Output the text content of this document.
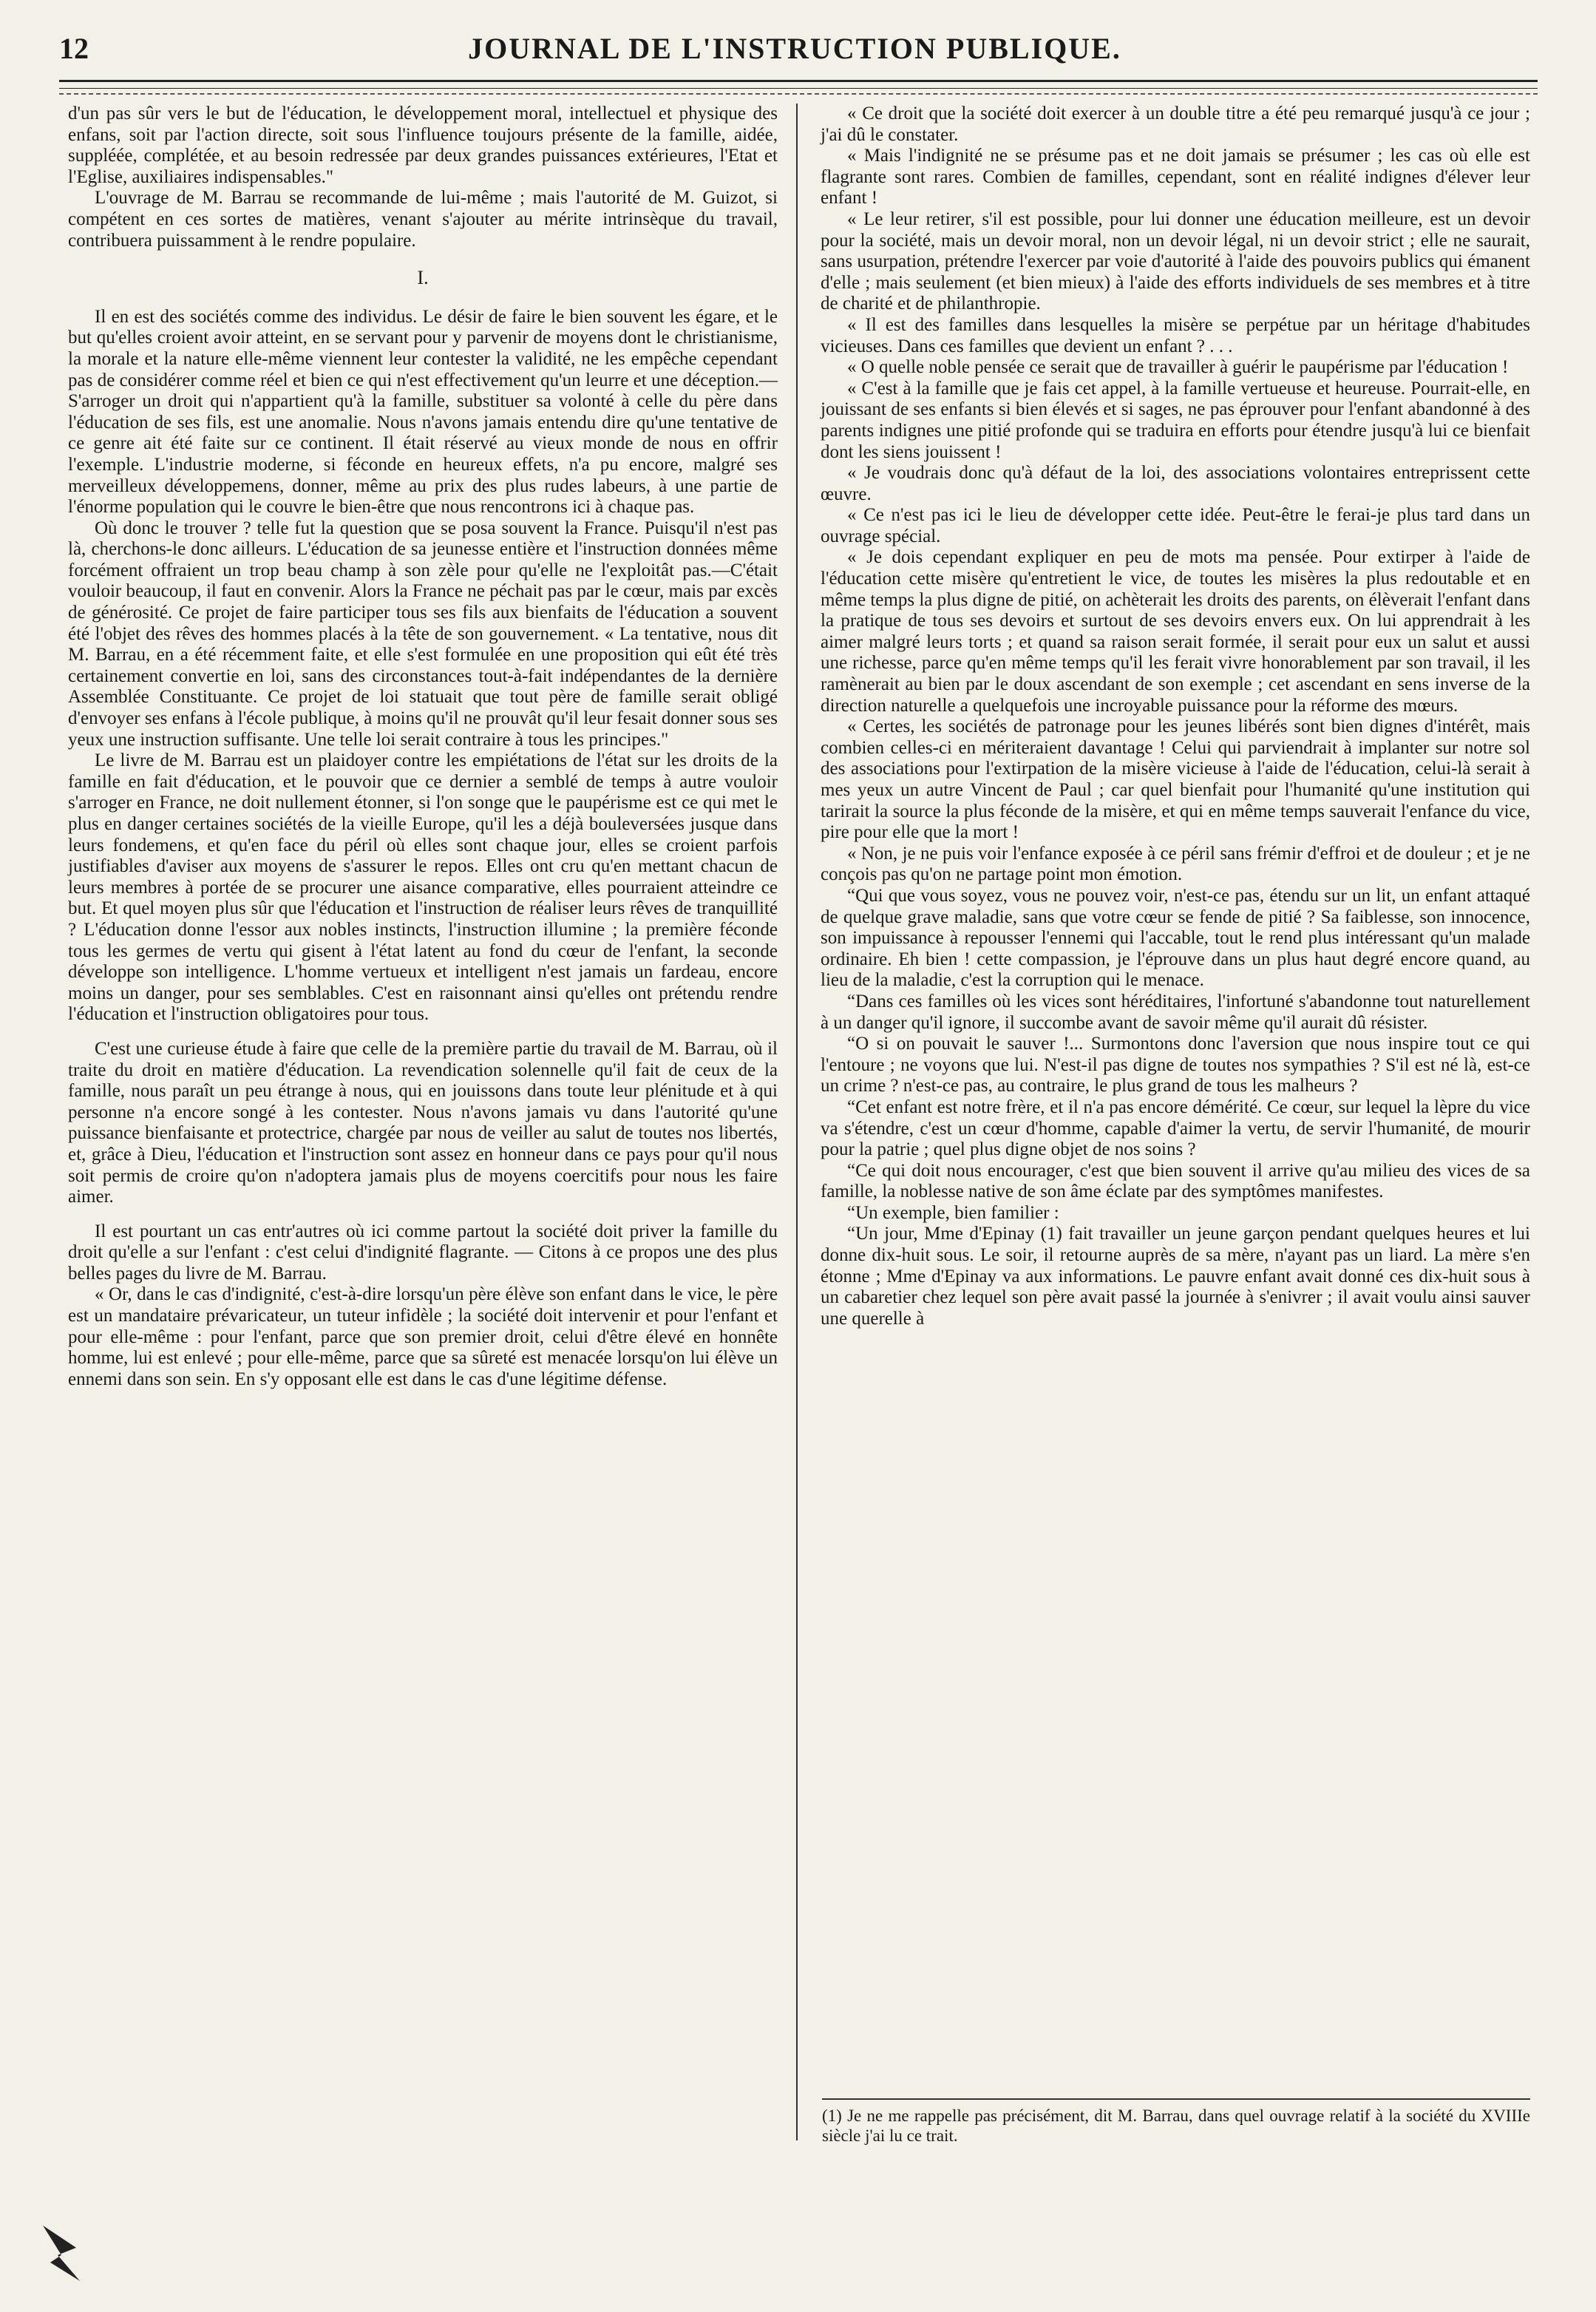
12	JOURNAL DE L'INSTRUCTION PUBLIQUE.

d'un pas sûr vers le but de l'éducation, le développement moral, intellectuel et physique des enfans, soit par l'action directe, soit sous l'influence toujours présente de la famille, aidée, suppléée, complétée, et au besoin redressée par deux grandes puissances extérieures, l'Etat et l'Eglise, auxiliaires indispensables."

L'ouvrage de M. Barrau se recommande de lui-même ; mais l'autorité de M. Guizot, si compétent en ces sortes de matières, venant s'ajouter au mérite intrinsèque du travail, contribuera puissamment à le rendre populaire.

I.

Il en est des sociétés comme des individus. Le désir de faire le bien souvent les égare, et le but qu'elles croient avoir atteint, en se servant pour y parvenir de moyens dont le christianisme, la morale et la nature elle-même viennent leur contester la validité, ne les empêche cependant pas de considérer comme réel et bien ce qui n'est effectivement qu'un leurre et une déception.—S'arroger un droit qui n'appartient qu'à la famille, substituer sa volonté à celle du père dans l'éducation de ses fils, est une anomalie. Nous n'avons jamais entendu dire qu'une tentative de ce genre ait été faite sur ce continent. Il était réservé au vieux monde de nous en offrir l'exemple. L'industrie moderne, si féconde en heureux effets, n'a pu encore, malgré ses merveilleux développemens, donner, même au prix des plus rudes labeurs, à une partie de l'énorme population qui le couvre le bien-être que nous rencontrons ici à chaque pas.

Où donc le trouver ? telle fut la question que se posa souvent la France. Puisqu'il n'est pas là, cherchons-le donc ailleurs. L'éducation de sa jeunesse entière et l'instruction données même forcément offraient un trop beau champ à son zèle pour qu'elle ne l'exploitât pas.—C'était vouloir beaucoup, il faut en convenir. Alors la France ne péchait pas par le cœur, mais par excès de générosité. Ce projet de faire participer tous ses fils aux bienfaits de l'éducation a souvent été l'objet des rêves des hommes placés à la tête de son gouvernement. « La tentative, nous dit M. Barrau, en a été récemment faite, et elle s'est formulée en une proposition qui eût été très certainement convertie en loi, sans des circonstances tout-à-fait indépendantes de la dernière Assemblée Constituante. Ce projet de loi statuait que tout père de famille serait obligé d'envoyer ses enfans à l'école publique, à moins qu'il ne prouvât qu'il leur fesait donner sous ses yeux une instruction suffisante. Une telle loi serait contraire à tous les principes."

Le livre de M. Barrau est un plaidoyer contre les empiétations de l'état sur les droits de la famille en fait d'éducation, et le pouvoir que ce dernier a semblé de temps à autre vouloir s'arroger en France, ne doit nullement étonner, si l'on songe que le paupérisme est ce qui met le plus en danger certaines sociétés de la vieille Europe, qu'il les a déjà bouleversées jusque dans leurs fondemens, et qu'en face du péril où elles sont chaque jour, elles se croient parfois justifiables d'aviser aux moyens de s'assurer le repos. Elles ont cru qu'en mettant chacun de leurs membres à portée de se procurer une aisance comparative, elles pourraient atteindre ce but. Et quel moyen plus sûr que l'éducation et l'instruction de réaliser leurs rêves de tranquillité ? L'éducation donne l'essor aux nobles instincts, l'instruction illumine ; la première féconde tous les germes de vertu qui gisent à l'état latent au fond du cœur de l'enfant, la seconde développe son intelligence. L'homme vertueux et intelligent n'est jamais un fardeau, encore moins un danger, pour ses semblables. C'est en raisonnant ainsi qu'elles ont prétendu rendre l'éducation et l'instruction obligatoires pour tous.

C'est une curieuse étude à faire que celle de la première partie du travail de M. Barrau, où il traite du droit en matière d'éducation. La revendication solennelle qu'il fait de ceux de la famille, nous paraît un peu étrange à nous, qui en jouissons dans toute leur plénitude et à qui personne n'a encore songé à les contester. Nous n'avons jamais vu dans l'autorité qu'une puissance bienfaisante et protectrice, chargée par nous de veiller au salut de toutes nos libertés, et, grâce à Dieu, l'éducation et l'instruction sont assez en honneur dans ce pays pour qu'il nous soit permis de croire qu'on n'adoptera jamais plus de moyens coercitifs pour nous les faire aimer.

Il est pourtant un cas entr'autres où ici comme partout la société doit priver la famille du droit qu'elle a sur l'enfant : c'est celui d'indignité flagrante. — Citons à ce propos une des plus belles pages du livre de M. Barrau.

« Or, dans le cas d'indignité, c'est-à-dire lorsqu'un père élève son enfant dans le vice, le père est un mandataire prévaricateur, un tuteur infidèle ; la société doit intervenir et pour l'enfant et pour elle-même : pour l'enfant, parce que son premier droit, celui d'être élevé en honnête homme, lui est enlevé ; pour elle-même, parce que sa sûreté est menacée lorsqu'on lui élève un ennemi dans son sein. En s'y opposant elle est dans le cas d'une légitime défense.

« Ce droit que la société doit exercer à un double titre a été peu remarqué jusqu'à ce jour ; j'ai dû le constater.

« Mais l'indignité ne se présume pas et ne doit jamais se présumer ; les cas où elle est flagrante sont rares. Combien de familles, cependant, sont en réalité indignes d'élever leur enfant !

« Le leur retirer, s'il est possible, pour lui donner une éducation meilleure, est un devoir pour la société, mais un devoir moral, non un devoir légal, ni un devoir strict ; elle ne saurait, sans usurpation, prétendre l'exercer par voie d'autorité à l'aide des pouvoirs publics qui émanent d'elle ; mais seulement (et bien mieux) à l'aide des efforts individuels de ses membres et à titre de charité et de philanthropie.

« Il est des familles dans lesquelles la misère se perpétue par un héritage d'habitudes vicieuses. Dans ces familles que devient un enfant ? . . .

« O quelle noble pensée ce serait que de travailler à guérir le paupérisme par l'éducation !

« C'est à la famille que je fais cet appel, à la famille vertueuse et heureuse. Pourrait-elle, en jouissant de ses enfants si bien élevés et si sages, ne pas éprouver pour l'enfant abandonné à des parents indignes une pitié profonde qui se traduira en efforts pour étendre jusqu'à lui ce bienfait dont les siens jouissent !

« Je voudrais donc qu'à défaut de la loi, des associations volontaires entreprissent cette œuvre.

« Ce n'est pas ici le lieu de développer cette idée. Peut-être le ferai-je plus tard dans un ouvrage spécial.

« Je dois cependant expliquer en peu de mots ma pensée. Pour extirper à l'aide de l'éducation cette misère qu'entretient le vice, de toutes les misères la plus redoutable et en même temps la plus digne de pitié, on achèterait les droits des parents, on élèverait l'enfant dans la pratique de tous ses devoirs et surtout de ses devoirs envers eux. On lui apprendrait à les aimer malgré leurs torts ; et quand sa raison serait formée, il serait pour eux un salut et aussi une richesse, parce qu'en même temps qu'il les ferait vivre honorablement par son travail, il les ramènerait au bien par le doux ascendant de son exemple ; cet ascendant en sens inverse de la direction naturelle a quelquefois une incroyable puissance pour la réforme des mœurs.

« Certes, les sociétés de patronage pour les jeunes libérés sont bien dignes d'intérêt, mais combien celles-ci en mériteraient davantage ! Celui qui parviendrait à implanter sur notre sol des associations pour l'extirpation de la misère vicieuse à l'aide de l'éducation, celui-là serait à mes yeux un autre Vincent de Paul ; car quel bienfait pour l'humanité qu'une institution qui tarirait la source la plus féconde de la misère, et qui en même temps sauverait l'enfance du vice, pire pour elle que la mort !

« Non, je ne puis voir l'enfance exposée à ce péril sans frémir d'effroi et de douleur ; et je ne conçois pas qu'on ne partage point mon émotion.

“Qui que vous soyez, vous ne pouvez voir, n'est-ce pas, étendu sur un lit, un enfant attaqué de quelque grave maladie, sans que votre cœur se fende de pitié ? Sa faiblesse, son innocence, son impuissance à repousser l'ennemi qui l'accable, tout le rend plus intéressant qu'un malade ordinaire. Eh bien ! cette compassion, je l'éprouve dans un plus haut degré encore quand, au lieu de la maladie, c'est la corruption qui le menace.

“Dans ces familles où les vices sont héréditaires, l'infortuné s'abandonne tout naturellement à un danger qu'il ignore, il succombe avant de savoir même qu'il aurait dû résister.

“O si on pouvait le sauver !... Surmontons donc l'aversion que nous inspire tout ce qui l'entoure ; ne voyons que lui. N'est-il pas digne de toutes nos sympathies ? S'il est né là, est-ce un crime ? n'est-ce pas, au contraire, le plus grand de tous les malheurs ?

“Cet enfant est notre frère, et il n'a pas encore démérité. Ce cœur, sur lequel la lèpre du vice va s'étendre, c'est un cœur d'homme, capable d'aimer la vertu, de servir l'humanité, de mourir pour la patrie ; quel plus digne objet de nos soins ?

“Ce qui doit nous encourager, c'est que bien souvent il arrive qu'au milieu des vices de sa famille, la noblesse native de son âme éclate par des symptômes manifestes.

“Un exemple, bien familier :

“Un jour, Mme d'Epinay (1) fait travailler un jeune garçon pendant quelques heures et lui donne dix-huit sous. Le soir, il retourne auprès de sa mère, n'ayant pas un liard. La mère s'en étonne ; Mme d'Epinay va aux informations. Le pauvre enfant avait donné ces dix-huit sous à un cabaretier chez lequel son père avait passé la journée à s'enivrer ; il avait voulu ainsi sauver une querelle à

(1) Je ne me rappelle pas précisément, dit M. Barrau, dans quel ouvrage relatif à la société du XVIIIe siècle j'ai lu ce trait.
